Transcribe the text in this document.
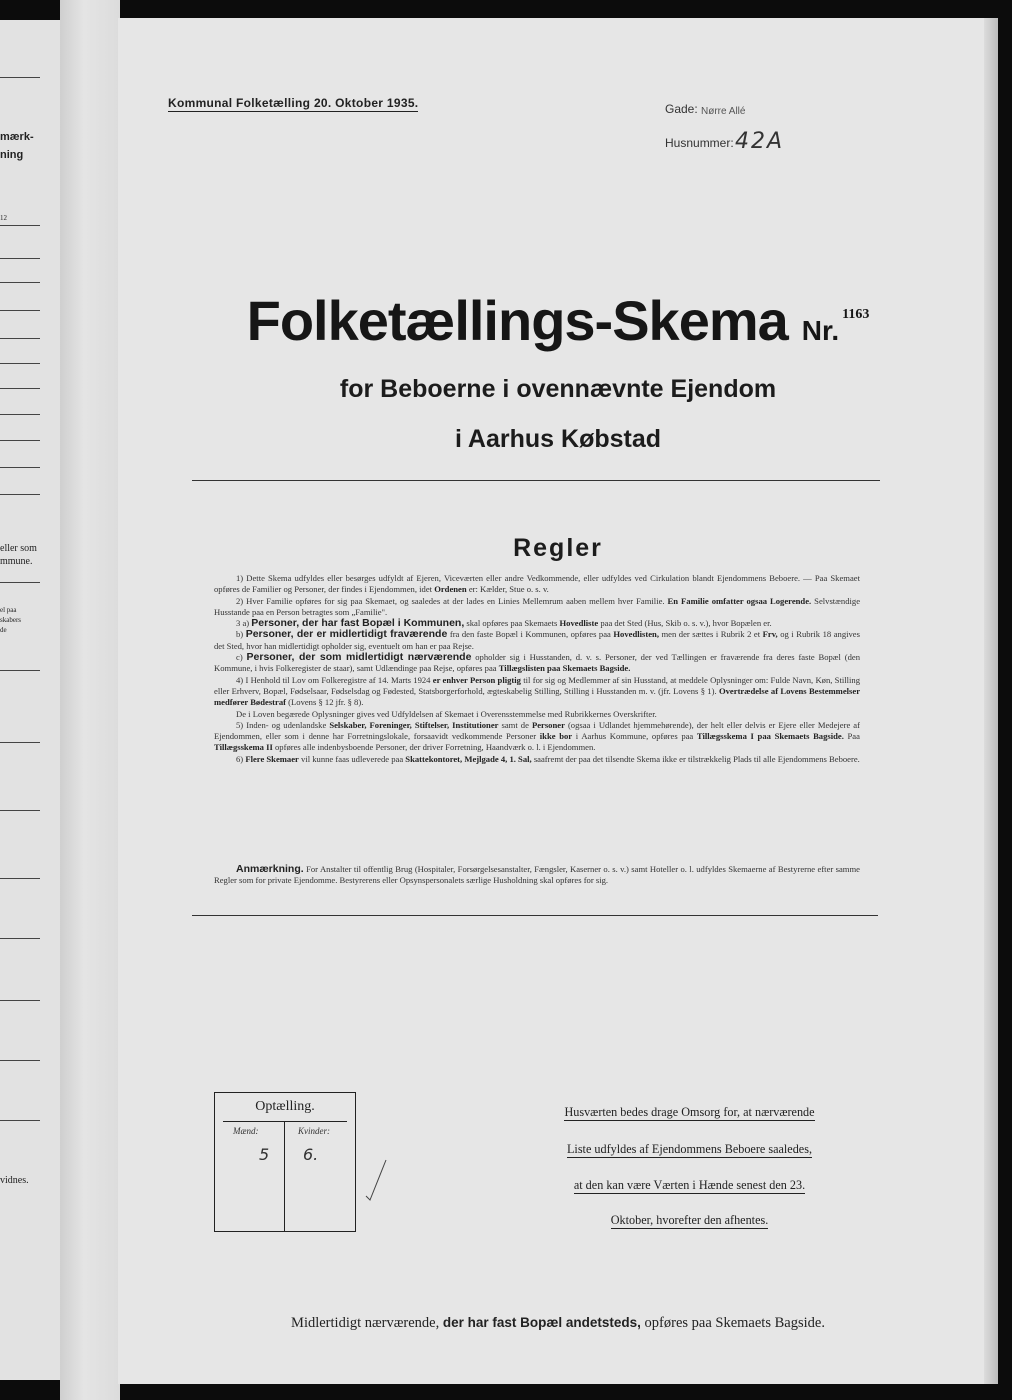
mærk-
ning
12
eller som
mmune.
el paa
skabers
de
vidnes.
Kommunal Folketælling 20. Oktober 1935.	Gade: Nørre Allé
Husnummer: 42A
Folketællings-Skema Nr.1163
for Beboerne i ovennævnte Ejendom
i Aarhus Købstad
Regler

1) Dette Skema udfyldes eller besørges udfyldt af Ejeren, Viceværten eller andre Vedkommende, eller udfyldes ved Cirkulation blandt Ejendommens Beboere. — Paa Skemaet opføres de Familier og Personer, der findes i Ejendommen, idet Ordenen er: Kælder, Stue o. s. v.

2) Hver Familie opføres for sig paa Skemaet, og saaledes at der lades en Linies Mellemrum aaben mellem hver Familie. En Familie omfatter ogsaa Logerende. Selvstændige Husstande paa en Person betragtes som „Familie".

3 a) Personer, der har fast Bopæl i Kommunen, skal opføres paa Skemaets Hovedliste paa det Sted (Hus, Skib o. s. v.), hvor Bopælen er.

b) Personer, der er midlertidigt fraværende fra den faste Bopæl i Kommunen, opføres paa Hovedlisten, men der sættes i Rubrik 2 et Frv, og i Rubrik 18 angives det Sted, hvor han midlertidigt opholder sig, eventuelt om han er paa Rejse.

c) Personer, der som midlertidigt nærværende opholder sig i Husstanden, d. v. s. Personer, der ved Tællingen er fraværende fra deres faste Bopæl (den Kommune, i hvis Folkeregister de staar), samt Udlændinge paa Rejse, opføres paa Tillægslisten paa Skemaets Bagside.

4) I Henhold til Lov om Folkeregistre af 14. Marts 1924 er enhver Person pligtig til for sig og Medlemmer af sin Husstand, at meddele Oplysninger om: Fulde Navn, Køn, Stilling eller Erhverv, Bopæl, Fødselsaar, Fødselsdag og Fødested, Statsborgerforhold, ægteskabelig Stilling, Stilling i Husstanden m. v. (jfr. Lovens § 1). Overtrædelse af Lovens Bestemmelser medfører Bødestraf (Lovens § 12 jfr. § 8).

De i Loven begærede Oplysninger gives ved Udfyldelsen af Skemaet i Overensstemmelse med Rubrikkernes Overskrifter.

5) Inden- og udenlandske Selskaber, Foreninger, Stiftelser, Institutioner samt de Personer (ogsaa i Udlandet hjemmehørende), der helt eller delvis er Ejere eller Medejere af Ejendommen, eller som i denne har Forretningslokale, forsaavidt vedkommende Personer ikke bor i Aarhus Kommune, opføres paa Tillægsskema I paa Skemaets Bagside. Paa Tillægsskema II opføres alle indenbysboende Personer, der driver Forretning, Haandværk o. l. i Ejendommen.

6) Flere Skemaer vil kunne faas udleverede paa Skattekontoret, Mejlgade 4, 1. Sal, saafremt der paa det tilsendte Skema ikke er tilstrækkelig Plads til alle Ejendommens Beboere.

Anmærkning. For Anstalter til offentlig Brug (Hospitaler, Forsørgelsesanstalter, Fængsler, Kaserner o. s. v.) samt Hoteller o. l. udfyldes Skemaerne af Bestyrerne efter samme Regler som for private Ejendomme. Bestyrerens eller Opsynspersonalets særlige Husholdning skal opføres for sig.
Optælling.
Mænd:	Kvinder:
5 6.
Husværten bedes drage Omsorg for, at nærværende
Liste udfyldes af Ejendommens Beboere saaledes,
at den kan være Værten i Hænde senest den 23.
Oktober, hvorefter den afhentes.
Midlertidigt nærværende, der har fast Bopæl andetsteds, opføres paa Skemaets Bagside.
